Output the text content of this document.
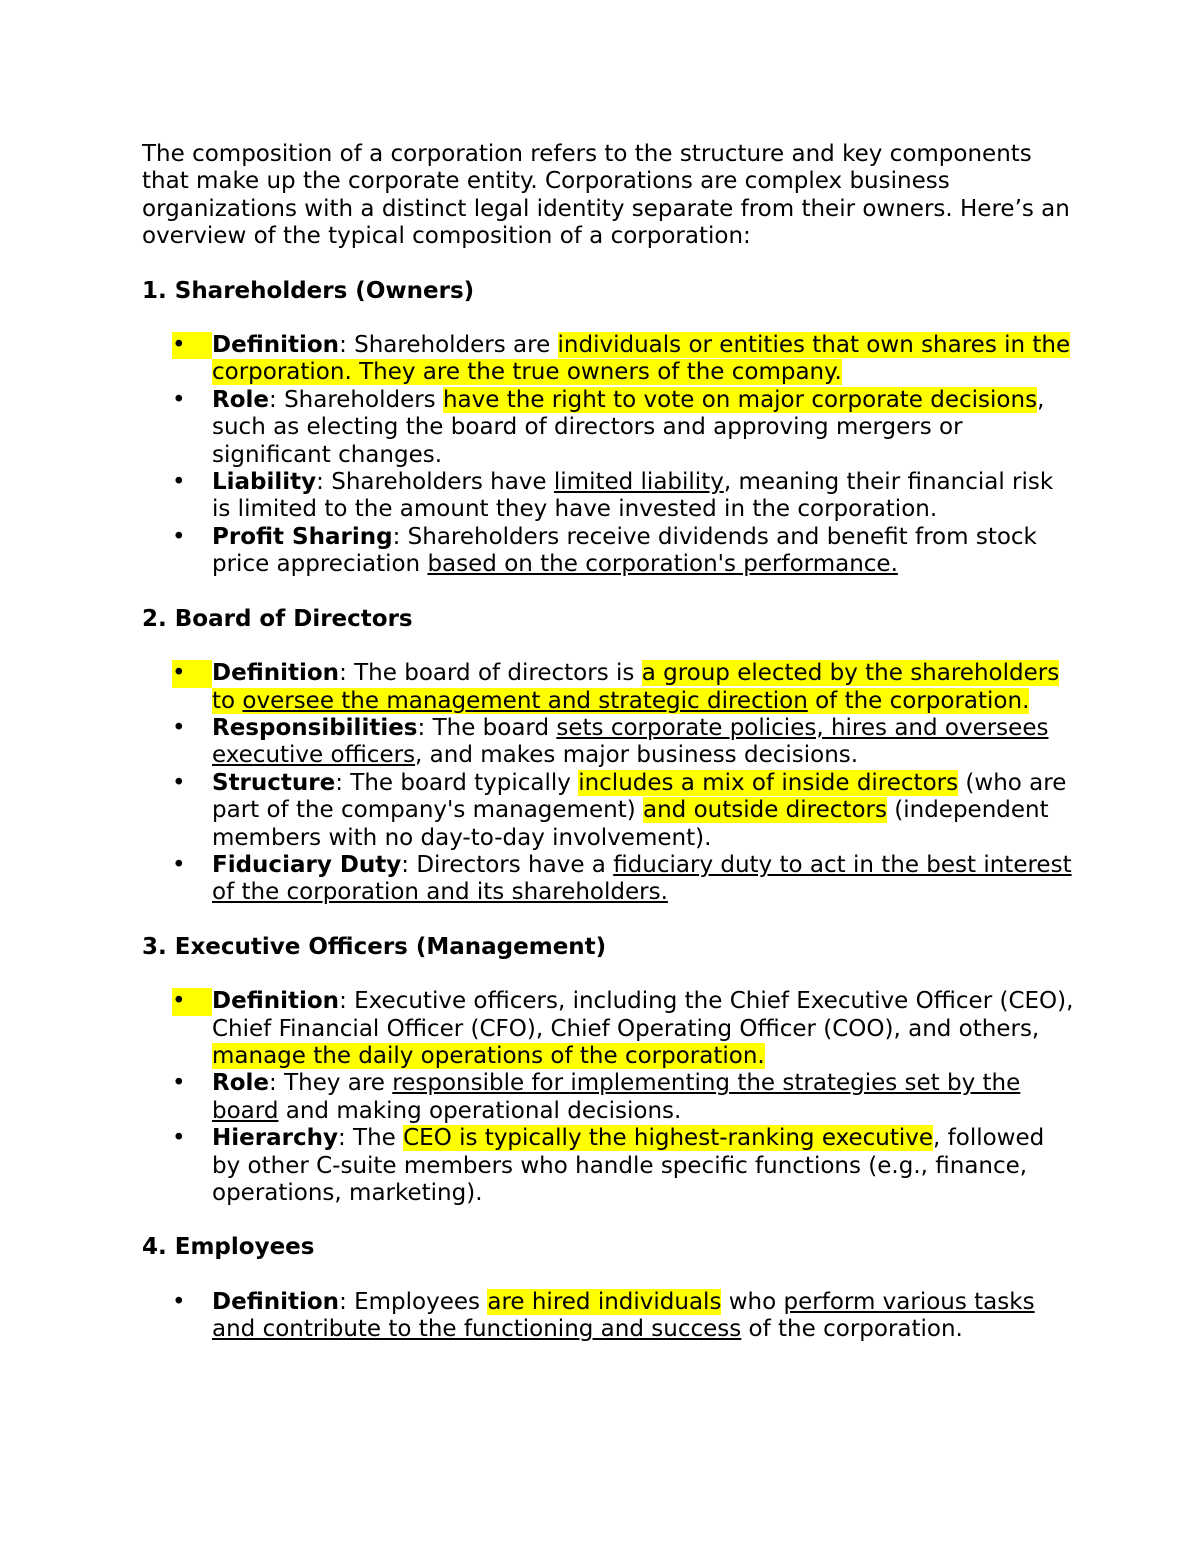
The composition of a corporation refers to the structure and key components that make up the corporate entity. Corporations are complex business organizations with a distinct legal identity separate from their owners. Here’s an overview of the typical composition of a corporation:

1. Shareholders (Owners)

•	Definition: Shareholders are individuals or entities that own shares in the corporation. They are the true owners of the company.
• Role: Shareholders have the right to vote on major corporate decisions, such as electing the board of directors and approving mergers or significant changes.
• Liability: Shareholders have limited liability, meaning their financial risk is limited to the amount they have invested in the corporation.
• Profit Sharing: Shareholders receive dividends and benefit from stock price appreciation based on the corporation's performance.

2. Board of Directors

•	Definition: The board of directors is a group elected by the shareholders to oversee the management and strategic direction of the corporation.
• Responsibilities: The board sets corporate policies, hires and oversees executive officers, and makes major business decisions.
• Structure: The board typically includes a mix of inside directors (who are part of the company's management) and outside directors (independent members with no day-to-day involvement).
• Fiduciary Duty: Directors have a fiduciary duty to act in the best interest of the corporation and its shareholders.

3. Executive Officers (Management)

•	Definition: Executive officers, including the Chief Executive Officer (CEO), Chief Financial Officer (CFO), Chief Operating Officer (COO), and others, manage the daily operations of the corporation.
• Role: They are responsible for implementing the strategies set by the board and making operational decisions.
• Hierarchy: The CEO is typically the highest-ranking executive, followed by other C-suite members who handle specific functions (e.g., finance, operations, marketing).

4. Employees

• Definition: Employees are hired individuals who perform various tasks and contribute to the functioning and success of the corporation.
